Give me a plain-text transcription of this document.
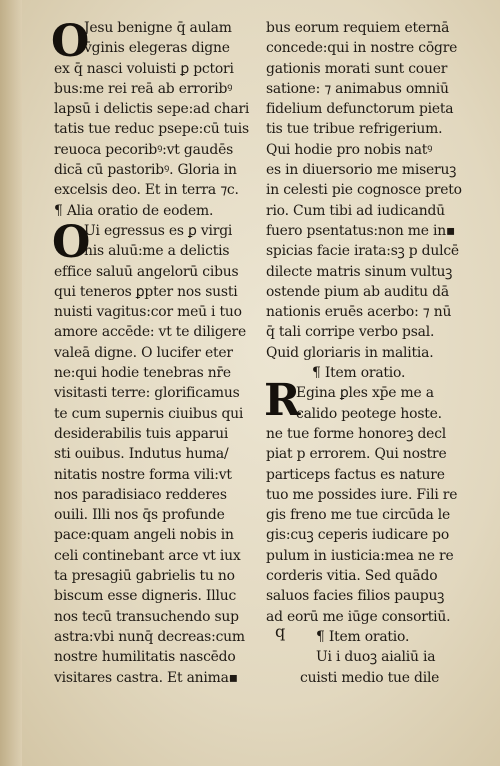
O
Jesu benigne q̄ aulam
v̄ginis elegeras digne
ex q̄ nasci voluisti ꝑ pctori
bus:me rei reā ab erroribꝰ
lapsū i delictis sepe:ad chari
tatis tue reduc psepe:cū tuis
reuoca pecoribꝰ:vt gaudēs
dicā cū pastoribꝰ. Gloria in
excelsis deo. Et in terra ⁊c.
¶ Alia oratio de eodem.
O
Ui egressus es ꝑ virgi
nis aluū:me a delictis
effice saluū angelorū cibus
qui teneros ꝑpter nos susti
nuisti vagitus:cor meū i tuo
amore accēde: vt te diligere
valeā digne. O lucifer eter
ne:qui hodie tenebras nr̄e
visitasti terre: glorificamus
te cum supernis ciuibus qui
desiderabilis tuis apparui
sti ouibus. Indutus huma/
nitatis nostre forma vili:vt
nos paradisiaco redderes
ouili. Illi nos q̄s profunde
pace:quam angeli nobis in
celi continebant arce vt iux
ta presagiū gabrielis tu no
biscum esse digneris. Illuc
nos tecū transuchendo sup
astra:vbi nunq̄ decreas:cum
nostre humilitatis nascēdo
visitares castra. Et anima▪
bus eorum requiem eternā
concede:qui in nostre cōgre
gationis morati sunt couer
satione: ⁊ animabus omniū
fidelium defunctorum pieta
tis tue tribue refrigerium.
Qui hodie pro nobis natꝰ
es in diuersorio me miseruꝫ
in celesti pie cognosce preto
rio. Cum tibi ad iudicandū
fuero psentatus:non me in▪
spicias facie irata:sꝫ p dulcē
dilecte matris sinum vultuꝫ
ostende pium ab auditu dā
nationis eruēs acerbo: ⁊ nū
q̄ tali corripe verbo psal.
Quid gloriaris in malitia.
¶ Item oratio.
R
Egina ꝑles xp̄e me a
calido peotege hoste.
ne tue forme honoreꝫ decl
piat p errorem. Qui nostre
particeps factus es nature
tuo me possides iure. Fili re
gis freno me tue circūda le
gis:cuꝫ ceperis iudicare po
pulum in iusticia:mea ne re
corderis vitia. Sed quādo
saluos facies filios paupuꝫ
ad eorū me iūge consortiū.
¶ Item oratio.
Ui i duoꝫ aialiū ia
cuisti medio tue dile
q
